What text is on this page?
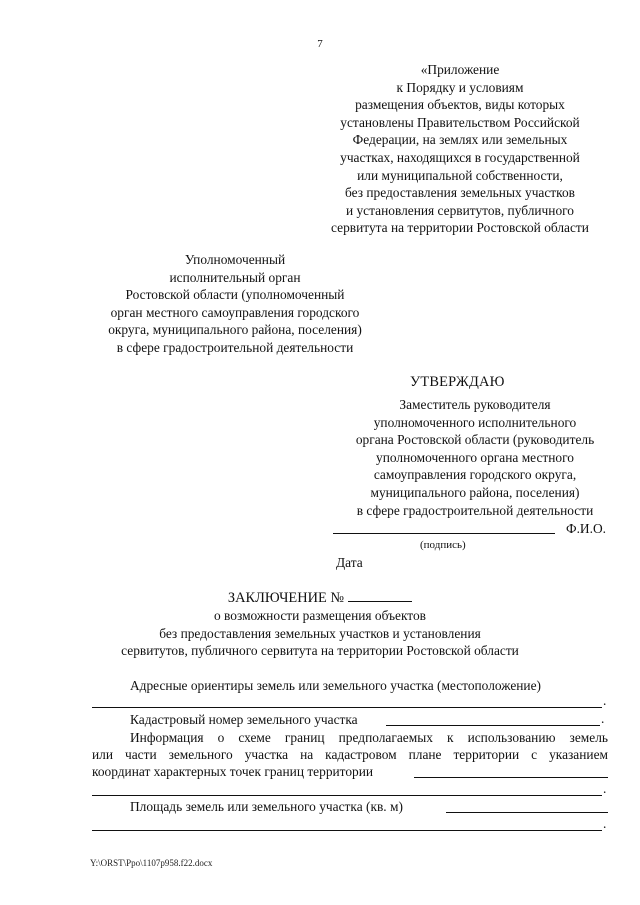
7
«Приложение
к Порядку и условиям
размещения объектов, виды которых
установлены Правительством Российской
Федерации, на землях или земельных
участках, находящихся в государственной
или муниципальной собственности,
без предоставления земельных участков
и установления сервитутов, публичного
сервитута на территории Ростовской области
Уполномоченный
исполнительный орган
Ростовской области (уполномоченный
орган местного самоуправления городского
округа, муниципального района, поселения)
в сфере градостроительной деятельности
УТВЕРЖДАЮ
Заместитель руководителя
уполномоченного исполнительного
органа Ростовской области (руководитель
уполномоченного органа местного
самоуправления городского округа,
муниципального района, поселения)
в сфере градостроительной деятельности
Ф.И.О.
(подпись)
Дата
ЗАКЛЮЧЕНИЕ №
о возможности размещения объектов
без предоставления земельных участков и установления
сервитутов, публичного сервитута на территории Ростовской области
Адресные ориентиры земель или земельного участка (местоположение)
.
Кадастровый номер земельного участка	.
Информация о схеме границ предполагаемых к использованию земель
или части земельного участка на кадастровом плане территории с указанием
координат характерных точек границ территории
.
Площадь земель или земельного участка (кв. м)
.
Y:\ORST\Ppo\1107p958.f22.docx
